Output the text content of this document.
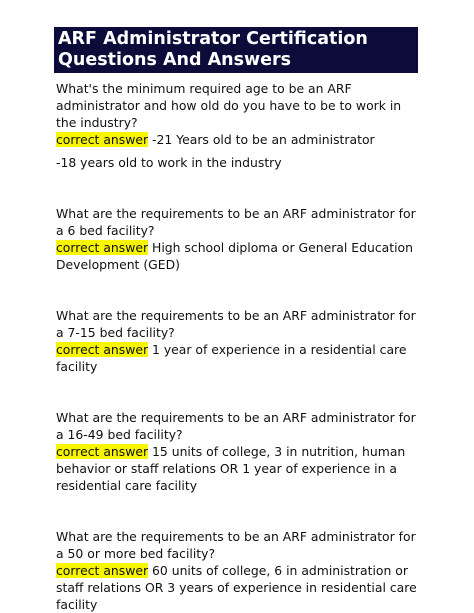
ARF Administrator Certification
Questions And Answers
What's the minimum required age to be an ARF
administrator and how old do you have to be to work in
the industry?
correct answer -21 Years old to be an administrator
-18 years old to work in the industry
What are the requirements to be an ARF administrator for
a 6 bed facility?
correct answer High school diploma or General Education
Development (GED)
What are the requirements to be an ARF administrator for
a 7-15 bed facility?
correct answer 1 year of experience in a residential care
facility
What are the requirements to be an ARF administrator for
a 16-49 bed facility?
correct answer 15 units of college, 3 in nutrition, human
behavior or staff relations OR 1 year of experience in a
residential care facility
What are the requirements to be an ARF administrator for
a 50 or more bed facility?
correct answer 60 units of college, 6 in administration or
staff relations OR 3 years of experience in residential care
facility
